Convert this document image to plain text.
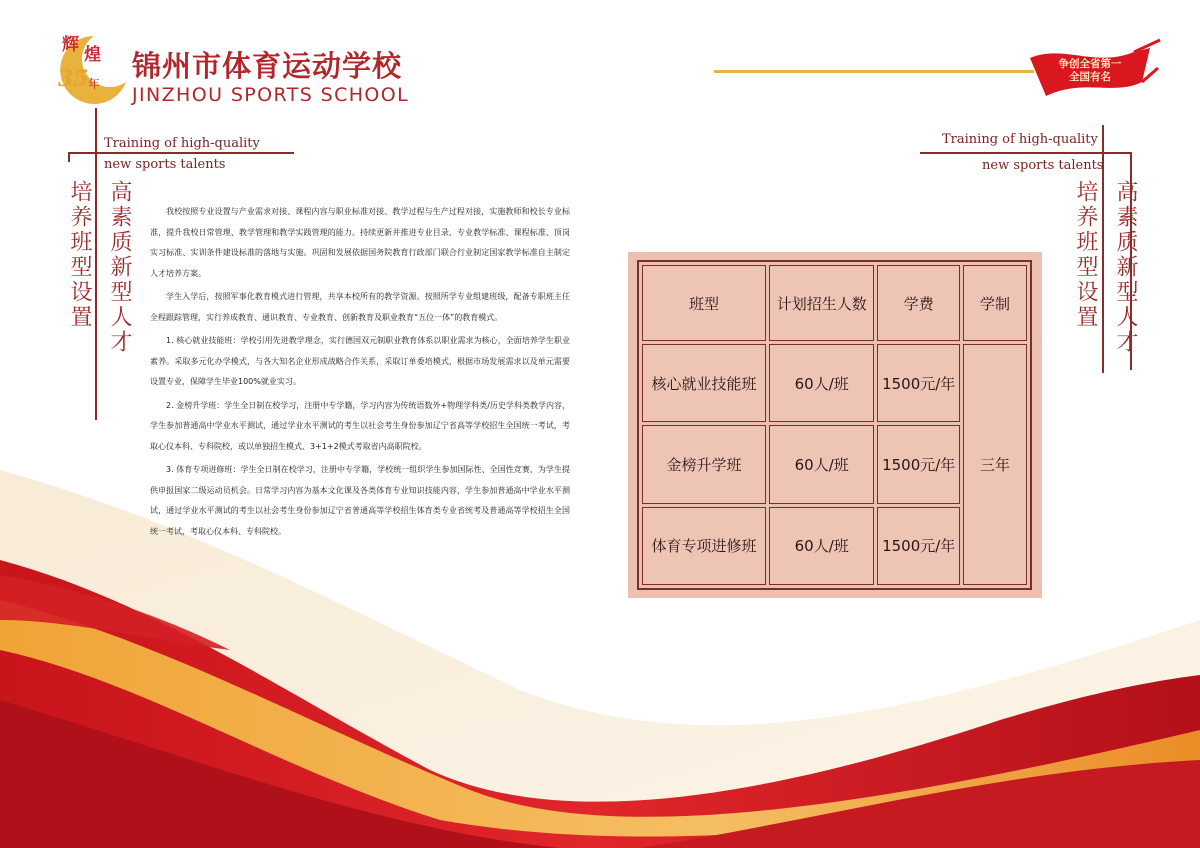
辉 煌
35 年
锦州市体育运动学校
JINZHOU SPORTS SCHOOL
争创全省第一
全国有名
Training of high-quality
new sports talents
培养班型设置 高素质新型人才
Training of high-quality
new sports talents
培养班型设置 高素质新型人才

我校按照专业设置与产业需求对接、课程内容与职业标准对接、教学过程与生产过程对接，实施教师和校长专业标准，提升我校日常管理、教学管理和教学实践管理的能力。持续更新并推进专业目录、专业教学标准、课程标准、顶岗实习标准、实训条件建设标准的落地与实施。巩固和发展依据国务院教育行政部门联合行业制定国家教学标准自主制定人才培养方案。

学生入学后，按照军事化教育模式进行管理，共享本校所有的教学资源。按照所学专业组建班级，配备专职班主任全程跟踪管理，实行养成教育、通识教育、专业教育、创新教育及职业教育“五位一体”的教育模式。

1. 核心就业技能班：学校引用先进教学理念，实行德国双元制职业教育体系以职业需求为核心，全面培养学生职业素养。采取多元化办学模式，与各大知名企业形成战略合作关系，采取订单委培模式，根据市场发展需求以及单元需要设置专业，保障学生毕业100%就业实习。

2. 金榜升学班：学生全日制在校学习，注册中专学籍，学习内容为传统语数外+物理学科类/历史学科类教学内容，学生参加普通高中学业水平测试，通过学业水平测试的考生以社会考生身份参加辽宁省高等学校招生全国统一考试，考取心仪本科、专科院校，或以单独招生模式、3+1+2模式考取省内高职院校。

3. 体育专项进修班：学生全日制在校学习，注册中专学籍，学校统一组织学生参加国际性、全国性竞赛，为学生提供申报国家二级运动员机会。日常学习内容为基本文化课及各类体育专业知识技能内容，学生参加普通高中学业水平测试，通过学业水平测试的考生以社会考生身份参加辽宁省普通高等学校招生体育类专业省统考及普通高等学校招生全国统一考试，考取心仪本科、专科院校。

班型	计划招生人数	学费	学制
核心就业技能班	60人/班	1500元/年	三年
金榜升学班	60人/班	1500元/年	
体育专项进修班	60人/班	1500元/年	
